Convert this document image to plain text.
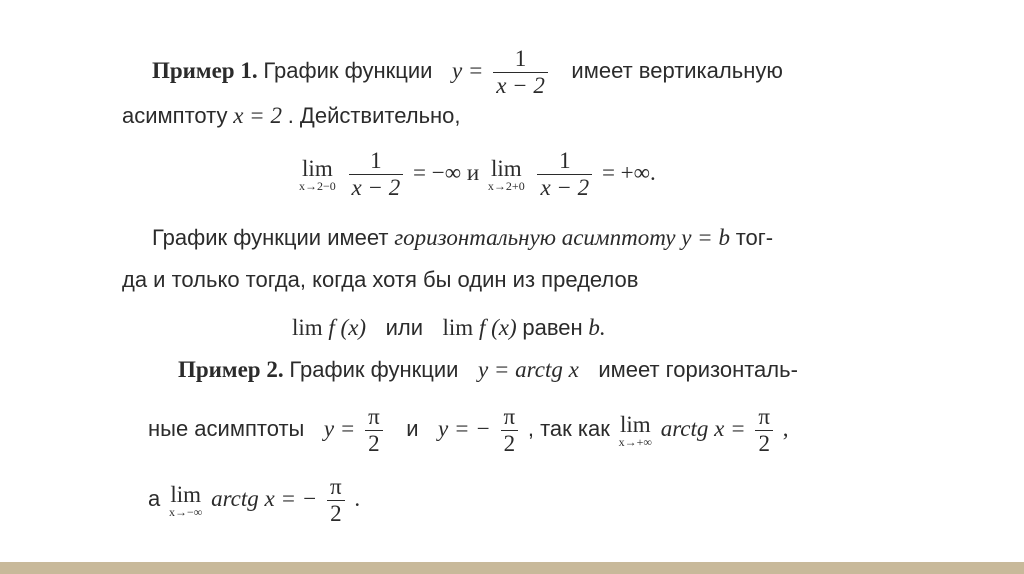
Пример 1. График функции $y = \frac{1}{x - 2}$ имеет вертикальную
асимптоту x = 2 . Действительно,
lim
x→2−0
$\frac{1}{x - 2}$ = −∞ и lim
x→2+0
$\frac{1}{x - 2}$ = +∞.
График функции имеет горизонтальную асимптоту y = b тог-
да и только тогда, когда хотя бы один из пределов
lim f (x) или lim f (x) равен b.
Пример 2. График функции y = arctg x имеет горизонталь-
ные асимптоты $y = \frac{\pi}{2}$ и y = − $\frac{\pi}{2}$ , так как lim
x→+∞
arctg $x = \frac{\pi}{2}$ ,
а lim
x→−∞
arctg x = − $\frac{\pi}{2}$ .
